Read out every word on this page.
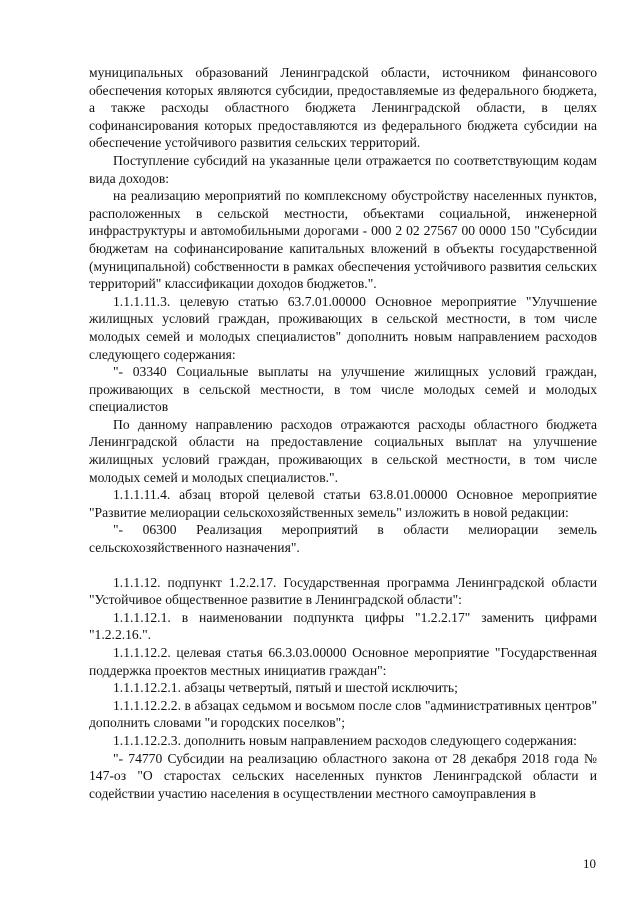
муниципальных образований Ленинградской области, источником финансового обеспечения которых являются субсидии, предоставляемые из федерального бюджета, а также расходы областного бюджета Ленинградской области, в целях софинансирования которых предоставляются из федерального бюджета субсидии на обеспечение устойчивого развития сельских территорий.

Поступление субсидий на указанные цели отражается по соответствующим кодам вида доходов:

на реализацию мероприятий по комплексному обустройству населенных пунктов, расположенных в сельской местности, объектами социальной, инженерной инфраструктуры и автомобильными дорогами - 000 2 02 27567 00 0000 150 "Субсидии бюджетам на софинансирование капитальных вложений в объекты государственной (муниципальной) собственности в рамках обеспечения устойчивого развития сельских территорий" классификации доходов бюджетов.".

1.1.1.11.3. целевую статью 63.7.01.00000 Основное мероприятие "Улучшение жилищных условий граждан, проживающих в сельской местности, в том числе молодых семей и молодых специалистов" дополнить новым направлением расходов следующего содержания:

"- 03340 Социальные выплаты на улучшение жилищных условий граждан, проживающих в сельской местности, в том числе молодых семей и молодых специалистов

По данному направлению расходов отражаются расходы областного бюджета Ленинградской области на предоставление социальных выплат на улучшение жилищных условий граждан, проживающих в сельской местности, в том числе молодых семей и молодых специалистов.".

1.1.1.11.4. абзац второй целевой статьи 63.8.01.00000 Основное мероприятие "Развитие мелиорации сельскохозяйственных земель" изложить в новой редакции:

"- 06300 Реализация мероприятий в области мелиорации земель сельскохозяйственного назначения".

1.1.1.12. подпункт 1.2.2.17. Государственная программа Ленинградской области "Устойчивое общественное развитие в Ленинградской области":

1.1.1.12.1. в наименовании подпункта цифры "1.2.2.17" заменить цифрами "1.2.2.16.".

1.1.1.12.2. целевая статья 66.3.03.00000 Основное мероприятие "Государственная поддержка проектов местных инициатив граждан":

1.1.1.12.2.1. абзацы четвертый, пятый и шестой исключить;

1.1.1.12.2.2. в абзацах седьмом и восьмом после слов "административных центров" дополнить словами "и городских поселков";

1.1.1.12.2.3. дополнить новым направлением расходов следующего содержания:

"- 74770 Субсидии на реализацию областного закона от 28 декабря 2018 года № 147-оз "О старостах сельских населенных пунктов Ленинградской области и содействии участию населения в осуществлении местного самоуправления в

10
